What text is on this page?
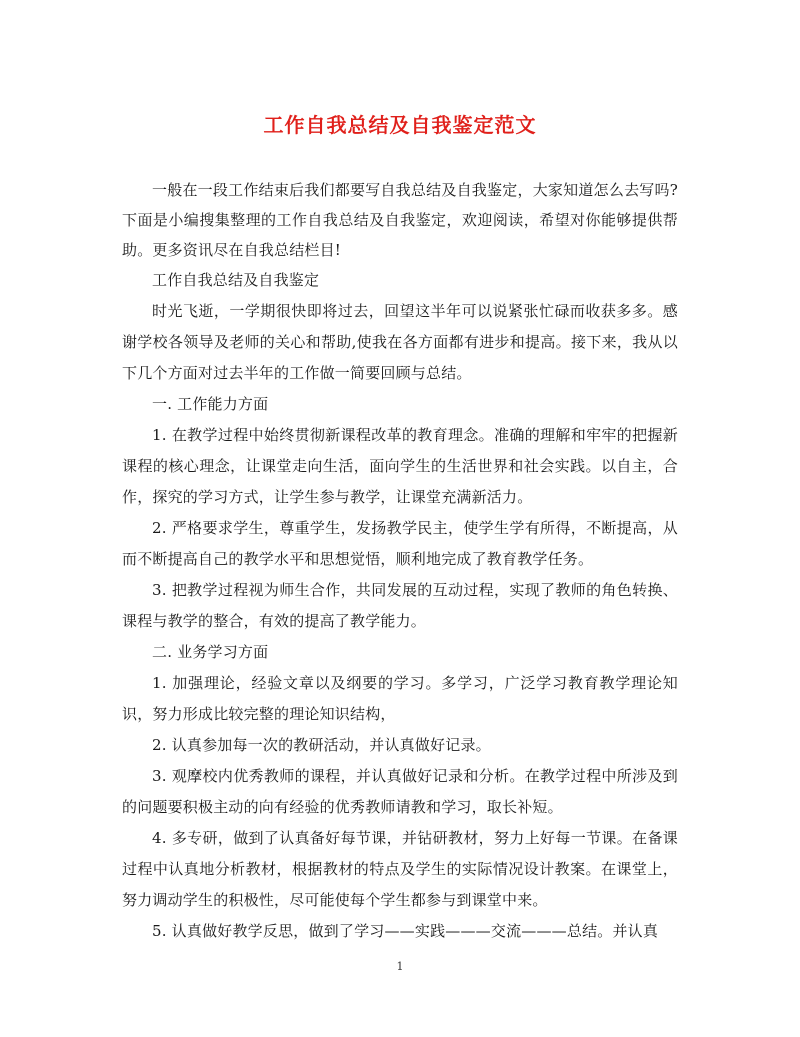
工作自我总结及自我鉴定范文

一般在一段工作结束后我们都要写自我总结及自我鉴定，大家知道怎么去写吗?下面是小编搜集整理的工作自我总结及自我鉴定，欢迎阅读，希望对你能够提供帮助。更多资讯尽在自我总结栏目!

工作自我总结及自我鉴定

时光飞逝，一学期很快即将过去，回望这半年可以说紧张忙碌而收获多多。感谢学校各领导及老师的关心和帮助,使我在各方面都有进步和提高。接下来，我从以下几个方面对过去半年的工作做一简要回顾与总结。

一. 工作能力方面

1. 在教学过程中始终贯彻新课程改革的教育理念。准确的理解和牢牢的把握新课程的核心理念，让课堂走向生活，面向学生的生活世界和社会实践。以自主，合作，探究的学习方式，让学生参与教学，让课堂充满新活力。

2. 严格要求学生，尊重学生，发扬教学民主，使学生学有所得，不断提高，从而不断提高自己的教学水平和思想觉悟，顺利地完成了教育教学任务。

3. 把教学过程视为师生合作，共同发展的互动过程，实现了教师的角色转换、课程与教学的整合，有效的提高了教学能力。

二. 业务学习方面

1. 加强理论，经验文章以及纲要的学习。多学习，广泛学习教育教学理论知识，努力形成比较完整的理论知识结构，

2. 认真参加每一次的教研活动，并认真做好记录。

3. 观摩校内优秀教师的课程，并认真做好记录和分析。在教学过程中所涉及到的问题要积极主动的向有经验的优秀教师请教和学习，取长补短。

4. 多专研，做到了认真备好每节课，并钻研教材，努力上好每一节课。在备课过程中认真地分析教材，根据教材的特点及学生的实际情况设计教案。在课堂上，努力调动学生的积极性，尽可能使每个学生都参与到课堂中来。

5. 认真做好教学反思，做到了学习——实践———交流———总结。并认真

1
